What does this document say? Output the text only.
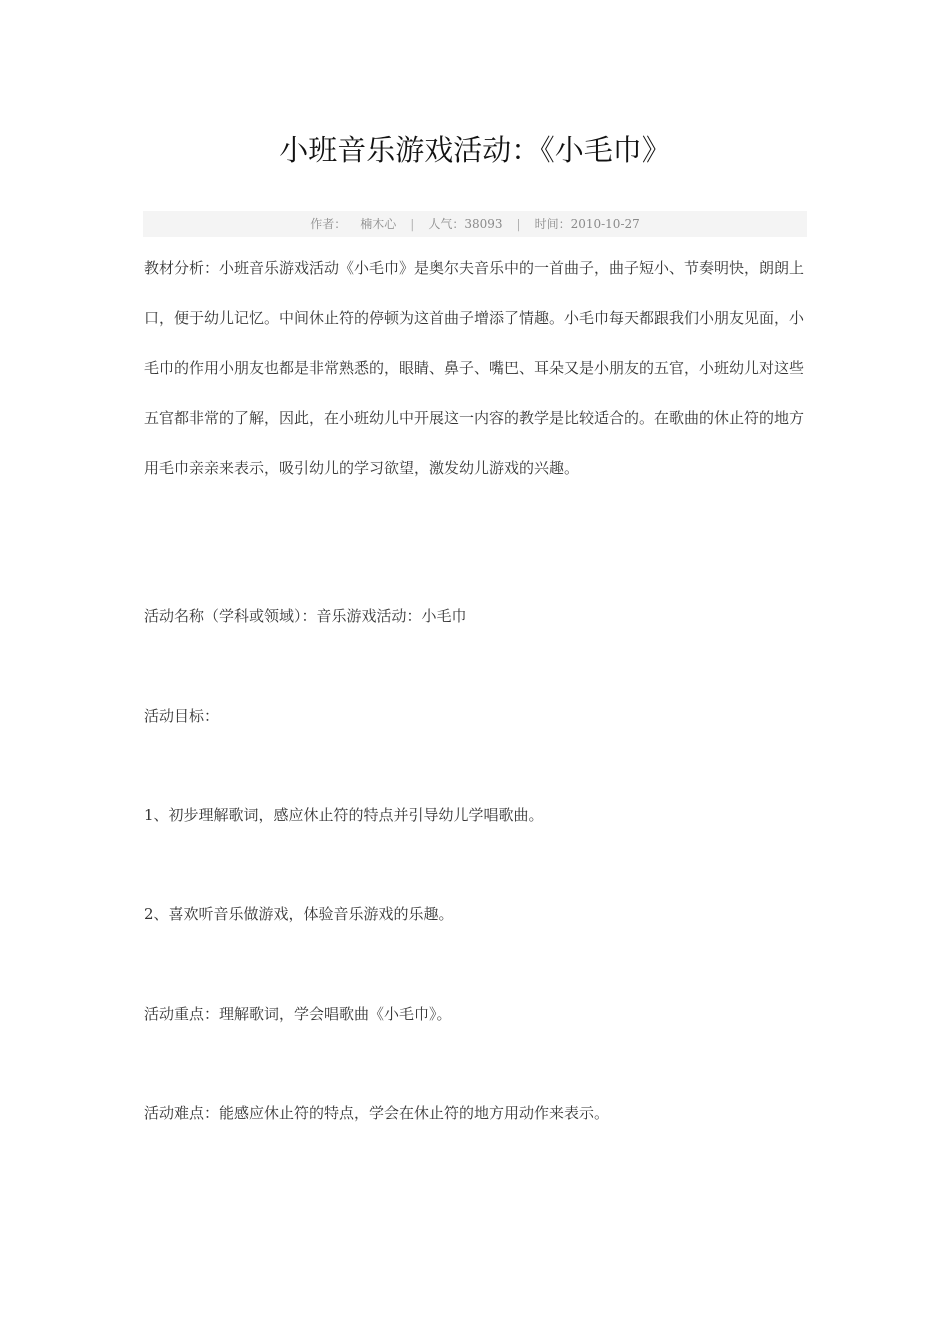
小班音乐游戏活动：《小毛巾》
作者： 楠木心 | 人气：38093 | 时间：2010-10-27

教材分析：小班音乐游戏活动《小毛巾》是奥尔夫音乐中的一首曲子，曲子短小、节奏明快，朗朗上口，便于幼儿记忆。中间休止符的停顿为这首曲子增添了情趣。小毛巾每天都跟我们小朋友见面，小毛巾的作用小朋友也都是非常熟悉的，眼睛、鼻子、嘴巴、耳朵又是小朋友的五官，小班幼儿对这些五官都非常的了解，因此，在小班幼儿中开展这一内容的教学是比较适合的。在歌曲的休止符的地方用毛巾亲亲来表示，吸引幼儿的学习欲望，激发幼儿游戏的兴趣。

活动名称（学科或领域）：音乐游戏活动：小毛巾

活动目标：

1、初步理解歌词，感应休止符的特点并引导幼儿学唱歌曲。

2、喜欢听音乐做游戏，体验音乐游戏的乐趣。

活动重点：理解歌词，学会唱歌曲《小毛巾》。

活动难点：能感应休止符的特点，学会在休止符的地方用动作来表示。
